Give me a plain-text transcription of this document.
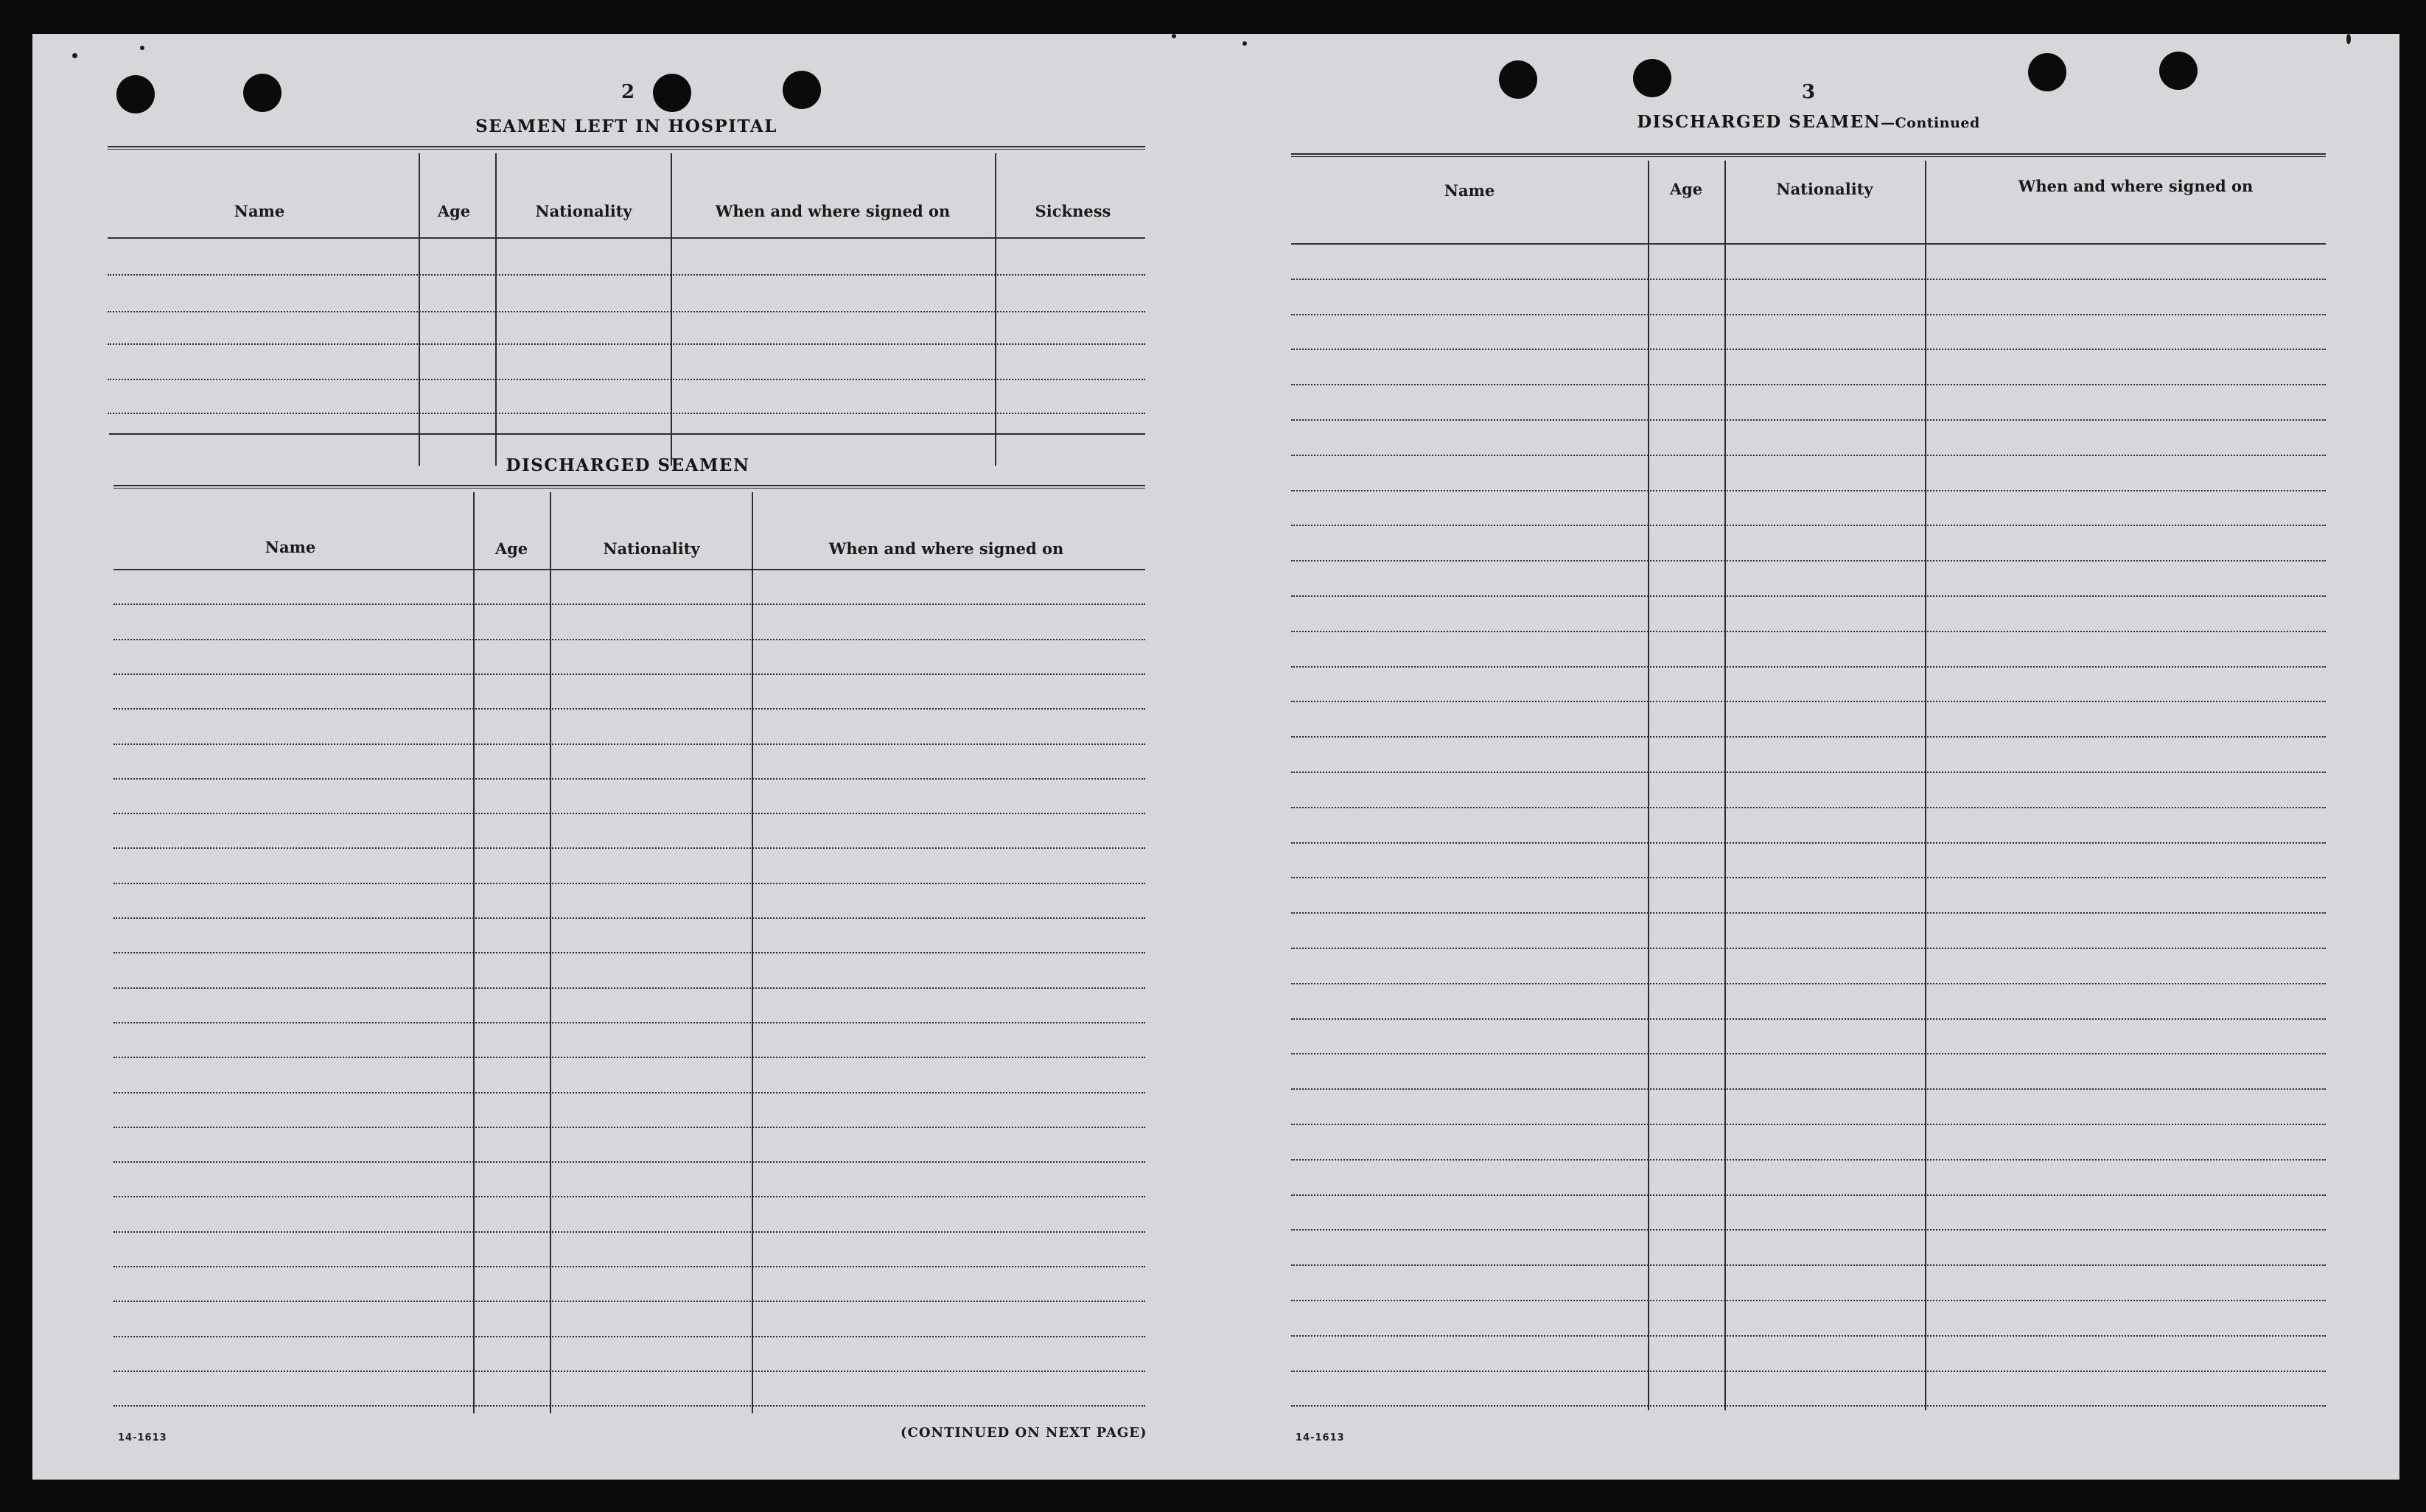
2
SEAMEN LEFT IN HOSPITAL
Name	Age	Nationality	When and where signed on	Sickness
DISCHARGED SEAMEN
Name	Age	Nationality	When and where signed on
14-1613	(CONTINUED ON NEXT PAGE)
3
DISCHARGED SEAMEN—Continued
Name	Age	Nationality	When and where signed on
14-1613
